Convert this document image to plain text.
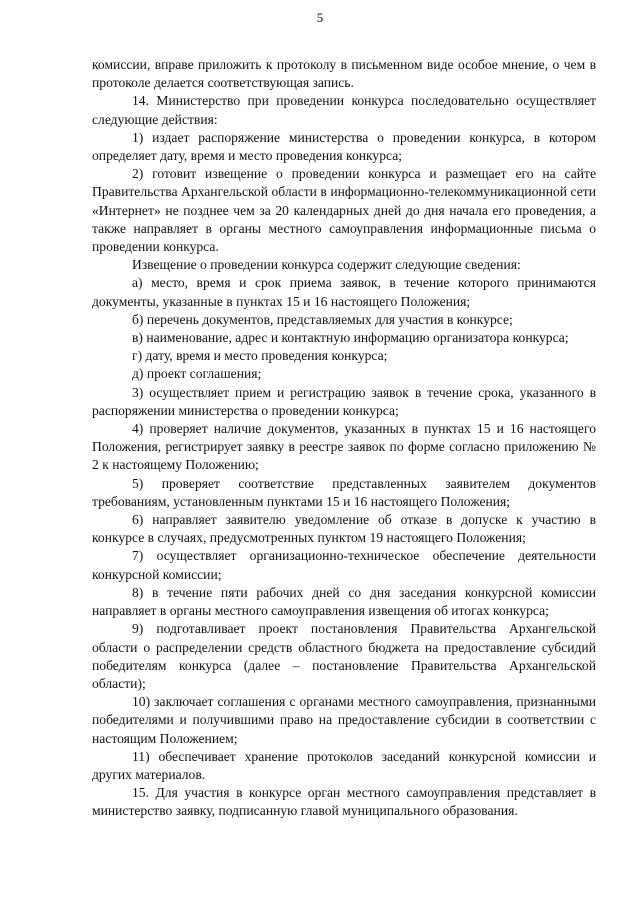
5

комиссии, вправе приложить к протоколу в письменном виде особое мнение, о чем в протоколе делается соответствующая запись.

14. Министерство при проведении конкурса последовательно осуществляет следующие действия:

1) издает распоряжение министерства о проведении конкурса, в котором определяет дату, время и место проведения конкурса;

2) готовит извещение о проведении конкурса и размещает его на сайте Правительства Архангельской области в информационно-телекоммуникационной сети «Интернет» не позднее чем за 20 календарных дней до дня начала его проведения, а также направляет в органы местного самоуправления информационные письма о проведении конкурса.

Извещение о проведении конкурса содержит следующие сведения:

а) место, время и срок приема заявок, в течение которого принимаются документы, указанные в пунктах 15 и 16 настоящего Положения;

б) перечень документов, представляемых для участия в конкурсе;

в) наименование, адрес и контактную информацию организатора конкурса;

г) дату, время и место проведения конкурса;

д) проект соглашения;

3) осуществляет прием и регистрацию заявок в течение срока, указанного в распоряжении министерства о проведении конкурса;

4) проверяет наличие документов, указанных в пунктах 15 и 16 настоящего Положения, регистрирует заявку в реестре заявок по форме согласно приложению № 2 к настоящему Положению;

5) проверяет соответствие представленных заявителем документов требованиям, установленным пунктами 15 и 16 настоящего Положения;

6) направляет заявителю уведомление об отказе в допуске к участию в конкурсе в случаях, предусмотренных пунктом 19 настоящего Положения;

7) осуществляет организационно-техническое обеспечение деятельности конкурсной комиссии;

8) в течение пяти рабочих дней со дня заседания конкурсной комиссии направляет в органы местного самоуправления извещения об итогах конкурса;

9) подготавливает проект постановления Правительства Архангельской области о распределении средств областного бюджета на предоставление субсидий победителям конкурса (далее – постановление Правительства Архангельской области);

10) заключает соглашения с органами местного самоуправления, признанными победителями и получившими право на предоставление субсидии в соответствии с настоящим Положением;

11) обеспечивает хранение протоколов заседаний конкурсной комиссии и других материалов.

15. Для участия в конкурсе орган местного самоуправления представляет в министерство заявку, подписанную главой муниципального образования.
